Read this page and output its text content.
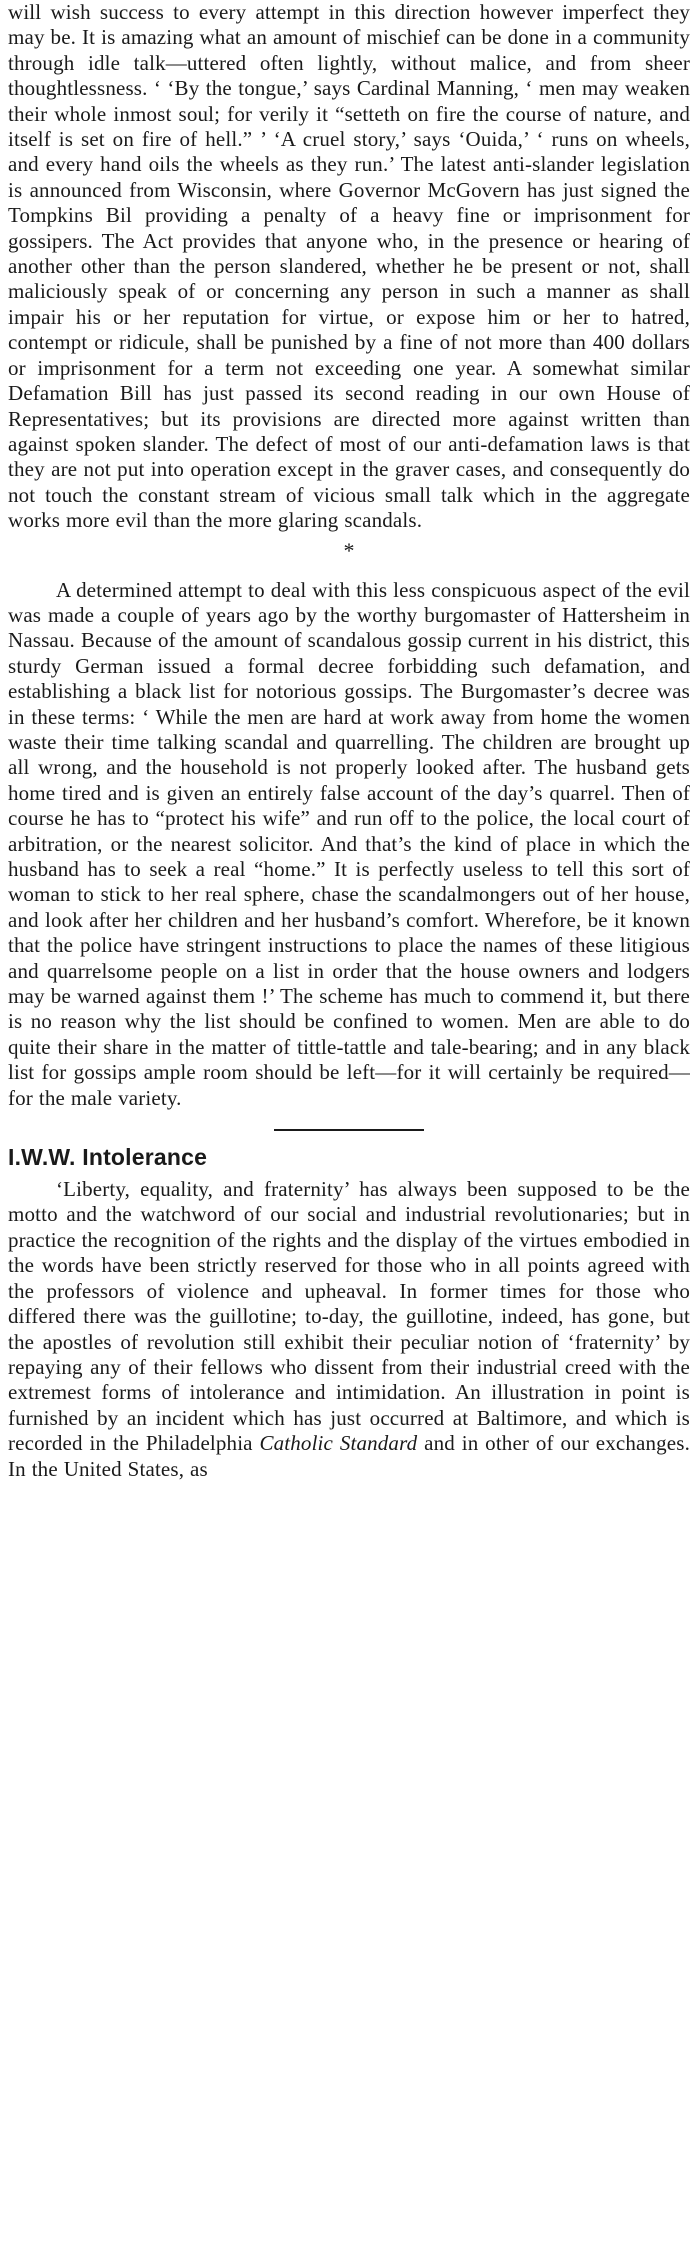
will wish success to every attempt in this direction however imperfect they may be. It is amazing what an amount of mischief can be done in a community through idle talk—uttered often lightly, without malice, and from sheer thoughtlessness. ‘ ‘By the tongue,’ says Cardinal Manning, ‘ men may weaken their whole inmost soul; for verily it “setteth on fire the course of nature, and itself is set on fire of hell.” ’ ‘A cruel story,’ says ‘Ouida,’ ‘ runs on wheels, and every hand oils the wheels as they run.’ The latest anti-slander legislation is announced from Wisconsin, where Governor McGovern has just signed the Tompkins Bil providing a penalty of a heavy fine or imprisonment for gossipers. The Act provides that anyone who, in the presence or hearing of another other than the person slandered, whether he be present or not, shall maliciously speak of or concerning any person in such a manner as shall impair his or her reputation for virtue, or expose him or her to hatred, contempt or ridicule, shall be punished by a fine of not more than 400 dollars or imprisonment for a term not exceeding one year. A somewhat similar Defamation Bill has just passed its second reading in our own House of Representatives; but its provisions are directed more against written than against spoken slander. The defect of most of our anti-defamation laws is that they are not put into operation except in the graver cases, and consequently do not touch the constant stream of vicious small talk which in the aggregate works more evil than the more glaring scandals.

*

A determined attempt to deal with this less conspicuous aspect of the evil was made a couple of years ago by the worthy burgomaster of Hattersheim in Nassau. Because of the amount of scandalous gossip current in his district, this sturdy German issued a formal decree forbidding such defamation, and establishing a black list for notorious gossips. The Burgomaster’s decree was in these terms: ‘ While the men are hard at work away from home the women waste their time talking scandal and quarrelling. The children are brought up all wrong, and the household is not properly looked after. The husband gets home tired and is given an entirely false account of the day’s quarrel. Then of course he has to “protect his wife” and run off to the police, the local court of arbitration, or the nearest solicitor. And that’s the kind of place in which the husband has to seek a real “home.” It is perfectly useless to tell this sort of woman to stick to her real sphere, chase the scandalmongers out of her house, and look after her children and her husband’s comfort. Wherefore, be it known that the police have stringent instructions to place the names of these litigious and quarrelsome people on a list in order that the house owners and lodgers may be warned against them !’ The scheme has much to commend it, but there is no reason why the list should be confined to women. Men are able to do quite their share in the matter of tittle-tattle and tale-bearing; and in any black list for gossips ample room should be left—for it will certainly be required—for the male variety.

I.W.W. Intolerance

‘Liberty, equality, and fraternity’ has always been supposed to be the motto and the watchword of our social and industrial revolutionaries; but in practice the recognition of the rights and the display of the virtues embodied in the words have been strictly reserved for those who in all points agreed with the professors of violence and upheaval. In former times for those who differed there was the guillotine; to-day, the guillotine, indeed, has gone, but the apostles of revolution still exhibit their peculiar notion of ‘fraternity’ by repaying any of their fellows who dissent from their industrial creed with the extremest forms of intolerance and intimidation. An illustration in point is furnished by an incident which has just occurred at Baltimore, and which is recorded in the Philadelphia Catholic Standard and in other of our exchanges. In the United States, as
